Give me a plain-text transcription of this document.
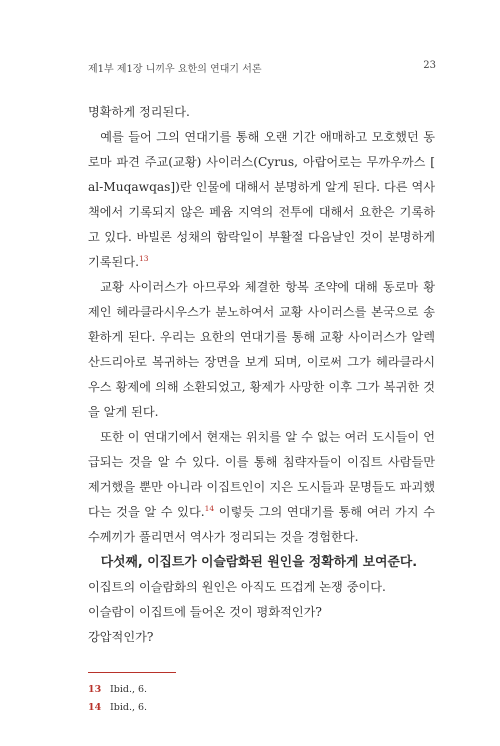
제1부 제1장 니끼우 요한의 연대기 서론	23

명확하게 정리된다.

예를 들어 그의 연대기를 통해 오랜 기간 애매하고 모호했던 동로마 파견 주교(교황) 사이러스(Cyrus, 아랍어로는 무까우까스 [ al-Muqawqas])란 인물에 대해서 분명하게 알게 된다. 다른 역사책에서 기록되지 않은 페윰 지역의 전투에 대해서 요한은 기록하고 있다. 바빌론 성채의 함락일이 부활절 다음날인 것이 분명하게 기록된다.$^{13}$

교황 사이러스가 아므루와 체결한 항복 조약에 대해 동로마 황제인 헤라클라시우스가 분노하여서 교황 사이러스를 본국으로 송환하게 된다. 우리는 요한의 연대기를 통해 교황 사이러스가 알렉산드리아로 복귀하는 장면을 보게 되며, 이로써 그가 헤라클라시우스 황제에 의해 소환되었고, 황제가 사망한 이후 그가 복귀한 것을 알게 된다.

또한 이 연대기에서 현재는 위치를 알 수 없는 여러 도시들이 언급되는 것을 알 수 있다. 이를 통해 침략자들이 이집트 사람들만 제거했을 뿐만 아니라 이집트인이 지은 도시들과 문명들도 파괴했다는 것을 알 수 있다.$^{14}$ 이렇듯 그의 연대기를 통해 여러 가지 수수께끼가 풀리면서 역사가 정리되는 것을 경험한다.

다섯째, 이집트가 이슬람화된 원인을 정확하게 보여준다.

이집트의 이슬람화의 원인은 아직도 뜨겁게 논쟁 중이다.

이슬람이 이집트에 들어온 것이 평화적인가?

강압적인가?

13 Ibid., 6.
14 Ibid., 6.
